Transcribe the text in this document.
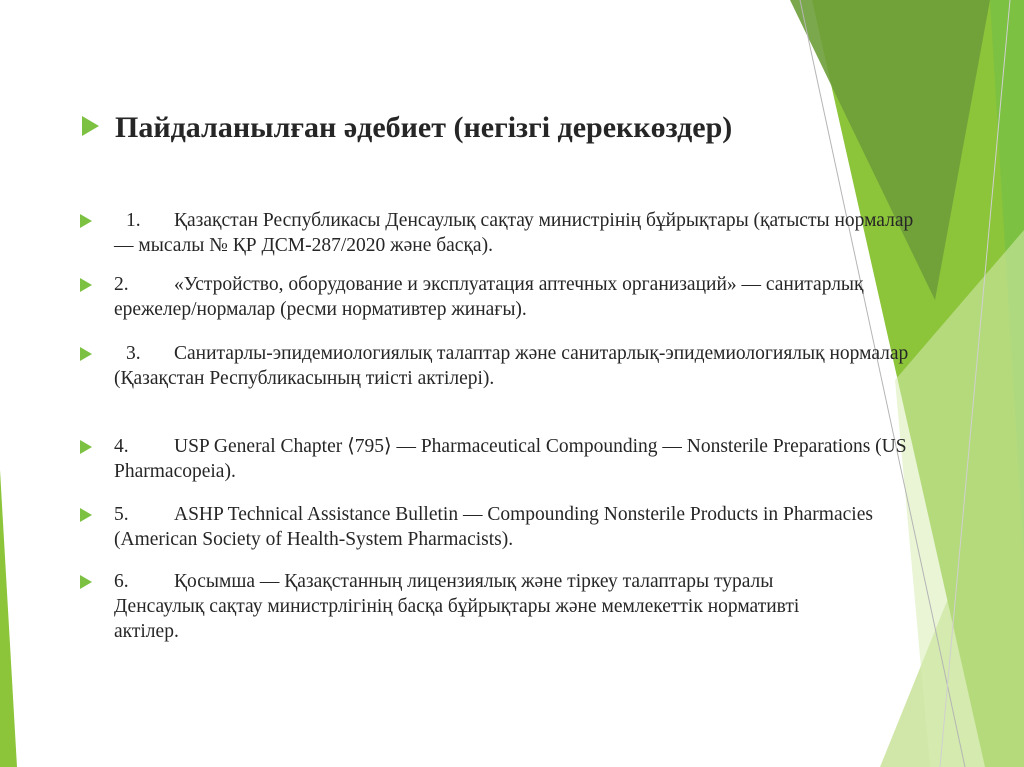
Пайдаланылған әдебиет (негізгі дереккөздер)

1. Қазақстан Республикасы Денсаулық сақтау министрінің бұйрықтары (қатысты нормалар — мысалы № ҚР ДСМ-287/2020 және басқа).

2. «Устройство, оборудование и эксплуатация аптечных организаций» — санитарлық ережелер/нормалар (ресми нормативтер жинағы).

3. Санитарлы-эпидемиологиялық талаптар және санитарлық-эпидемиологиялық нормалар (Қазақстан Республикасының тиісті актілері).

4. USP General Chapter ⟨795⟩ — Pharmaceutical Compounding — Nonsterile Preparations (US Pharmacopeia).

5. ASHP Technical Assistance Bulletin — Compounding Nonsterile Products in Pharmacies (American Society of Health-System Pharmacists).

6. Қосымша — Қазақстанның лицензиялық және тіркеу талаптары туралы Денсаулық сақтау министрлігінің басқа бұйрықтары және мемлекеттік нормативті актілер.
